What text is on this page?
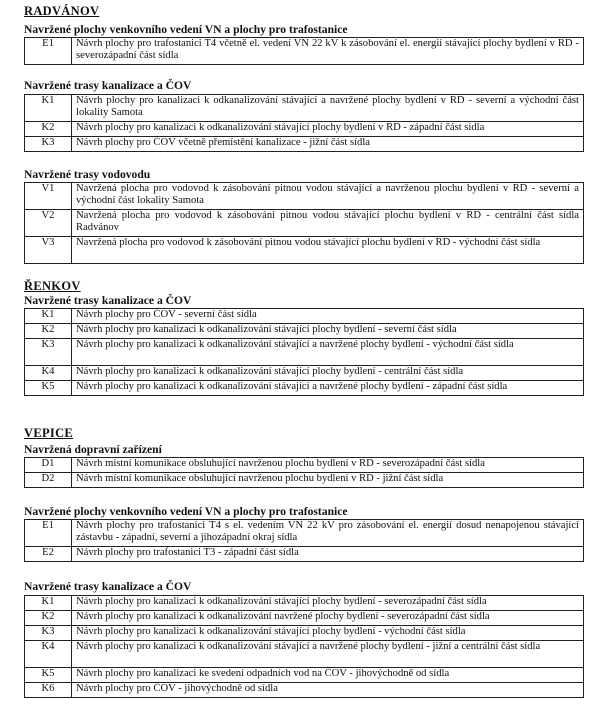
RADVÁNOV
Navržené plochy venkovního vedení VN a plochy pro trafostanice
E1	Návrh plochy pro trafostanici T4 včetně el. vedení VN 22 kV k zásobování el. energií stávající plochy bydlení v RD - severozápadní část sídla
Navržené trasy kanalizace a ČOV
K1	Návrh plochy pro kanalizaci k odkanalizování stávající a navržené plochy bydlení v RD - severní a východní část lokality Samota
K2	Návrh plochy pro kanalizaci k odkanalizování stávající plochy bydlení v RD - západní část sídla
K3	Návrh plochy pro ČOV včetně přemístění kanalizace - jižní část sídla
Navržené trasy vodovodu
V1	Navržená plocha pro vodovod k zásobování pitnou vodou stávající a navrženou plochu bydlení v RD - severní a východní část lokality Samota
V2	Navržená plocha pro vodovod k zásobování pitnou vodou stávající plochu bydlení v RD - centrální část sídla Radvánov
V3	Navržená plocha pro vodovod k zásobování pitnou vodou stávající plochu bydlení v RD - východní část sídla
ŘENKOV
Navržené trasy kanalizace a ČOV
K1	Návrh plochy pro ČOV - severní část sídla
K2	Návrh plochy pro kanalizaci k odkanalizování stávající plochy bydlení - severní část sídla
K3	Návrh plochy pro kanalizaci k odkanalizování stávající a navržené plochy bydlení - východní část sídla
K4	Návrh plochy pro kanalizaci k odkanalizování stávající plochy bydlení - centrální část sídla
K5	Návrh plochy pro kanalizaci k odkanalizování stávající a navržené plochy bydlení - západní část sídla
VEPICE
Navržená dopravní zařízení
D1	Návrh místní komunikace obsluhující navrženou plochu bydlení v RD - severozápadní část sídla
D2	Návrh místní komunikace obsluhující navrženou plochu bydlení v RD - jižní část sídla
Navržené plochy venkovního vedení VN a plochy pro trafostanice
E1	Návrh plochy pro trafostanici T4 s el. vedením VN 22 kV pro zásobování el. energií dosud nenapojenou stávající zástavbu - západní, severní a jihozápadní okraj sídla
E2	Návrh plochy pro trafostanici T3 - západní část sídla
Navržené trasy kanalizace a ČOV
K1	Návrh plochy pro kanalizaci k odkanalizování stávající plochy bydlení - severozápadní část sídla
K2	Návrh plochy pro kanalizaci k odkanalizování navržené plochy bydlení - severozápadní část sídla
K3	Návrh plochy pro kanalizaci k odkanalizování stávající plochy bydlení - východní část sídla
K4	Návrh plochy pro kanalizaci k odkanalizování stávající a navržené plochy bydlení - jižní a centrální část sídla
K5	Návrh plochy pro kanalizaci ke svedení odpadních vod na ČOV - jihovýchodně od sídla
K6	Návrh plochy pro ČOV - jihovýchodně od sídla
